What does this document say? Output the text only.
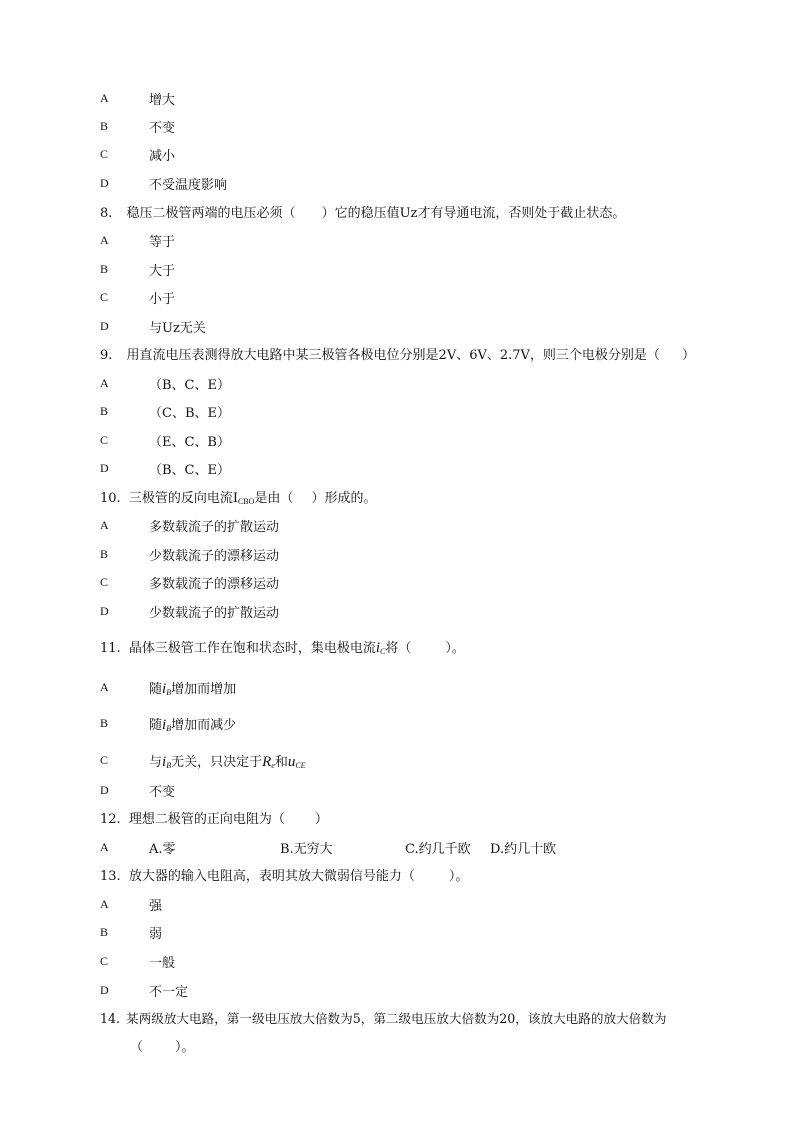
A	增大
B	不变
C	减小
D	不受温度影响
8. 稳压二极管两端的电压必须（ ）它的稳压值Uz才有导通电流，否则处于截止状态。
A	等于
B	大于
C	小于
D	与Uz无关
9. 用直流电压表测得放大电路中某三极管各极电位分别是2V、6V、2.7V，则三个电极分别是（ ）
A	（B、C、E）
B	（C、B、E）
C	（E、C、B）
D	（B、C、E）
10. 三极管的反向电流ICBO是由（ ）形成的。
A	多数载流子的扩散运动
B	少数载流子的漂移运动
C	多数载流子的漂移运动
D	少数载流子的扩散运动
11. 晶体三极管工作在饱和状态时，集电极电流$i_C$将（	）。
A	随$i_B$增加而增加
B	随$i_B$增加而减少
C	与$i_B$无关，只决定于$R_e$和$u_{CE}$
D	不变
12. 理想二极管的正向电阻为（ ）
A	A.零	B.无穷大	C.约几千欧 D.约几十欧
13. 放大器的输入电阻高，表明其放大微弱信号能力（	）。
A	强
B	弱
C	一般
D	不一定
14. 某两级放大电路，第一级电压放大倍数为5，第二级电压放大倍数为20，该放大电路的放大倍数为
（ ）。
